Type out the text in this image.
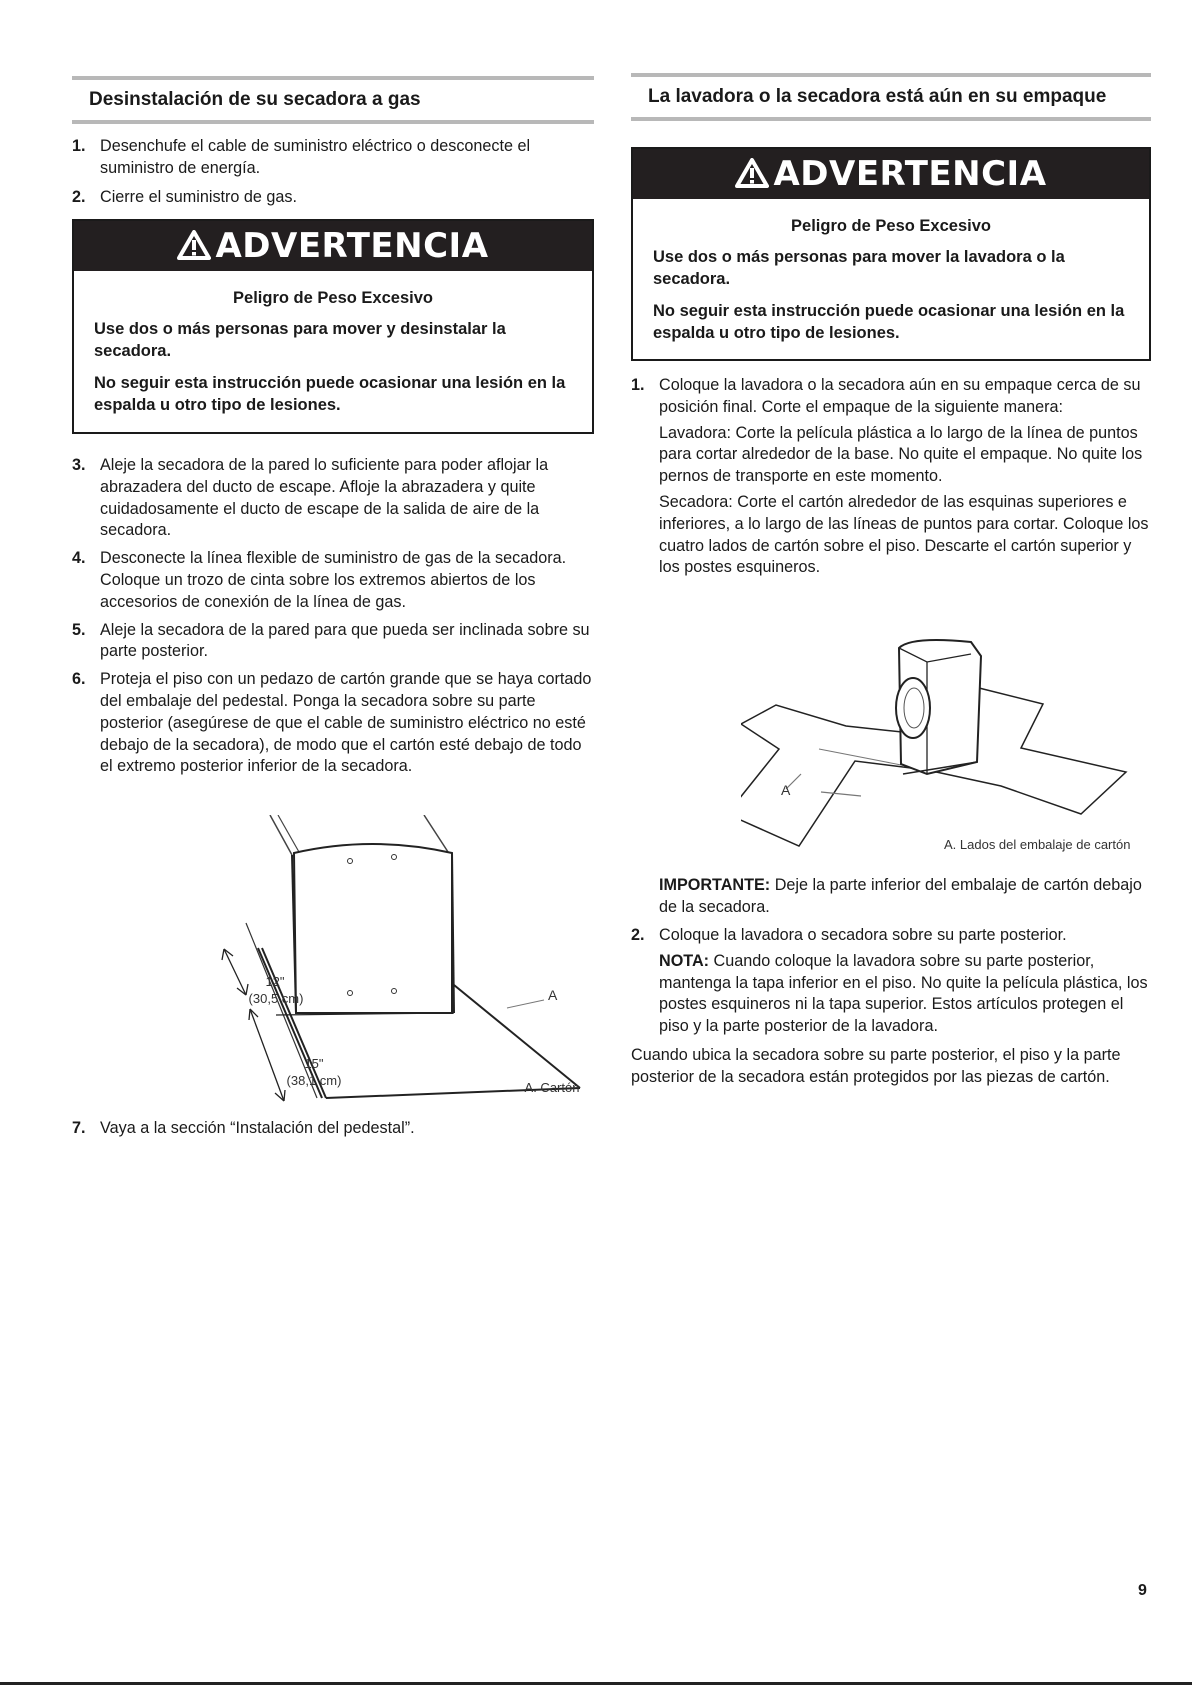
Desinstalación de su secadora a gas
1. Desenchufe el cable de suministro eléctrico o desconecte el suministro de energía.

2. Cierre el suministro de gas.

ADVERTENCIA
Peligro de Peso Excesivo

Use dos o más personas para mover y desinstalar la secadora.

No seguir esta instrucción puede ocasionar una lesión en la espalda u otro tipo de lesiones.

3. Aleje la secadora de la pared lo suficiente para poder aflojar la abrazadera del ducto de escape. Afloje la abrazadera y quite cuidadosamente el ducto de escape de la salida de aire de la secadora.

4. Desconecte la línea flexible de suministro de gas de la secadora. Coloque un trozo de cinta sobre los extremos abiertos de los accesorios de conexión de la línea de gas.

5. Aleje la secadora de la pared para que pueda ser inclinada sobre su parte posterior.

6. Proteja el piso con un pedazo de cartón grande que se haya cortado del embalaje del pedestal. Ponga la secadora sobre su parte posterior (asegúrese de que el cable de suministro eléctrico no esté debajo de la secadora), de modo que el cartón esté debajo de todo el extremo posterior inferior de la secadora.

12"
(30,5 cm)
15"
(38,1 cm)
A
A. Cartón
7. Vaya a la sección “Instalación del pedestal”.

La lavadora o la secadora está aún en su empaque
ADVERTENCIA
Peligro de Peso Excesivo

Use dos o más personas para mover la lavadora o la secadora.

No seguir esta instrucción puede ocasionar una lesión en la espalda u otro tipo de lesiones.

1. Coloque la lavadora o la secadora aún en su empaque cerca de su posición final. Corte el empaque de la siguiente manera:

Lavadora: Corte la película plástica a lo largo de la línea de puntos para cortar alrededor de la base. No quite el empaque. No quite los pernos de transporte en este momento.

Secadora: Corte el cartón alrededor de las esquinas superiores e inferiores, a lo largo de las líneas de puntos para cortar. Coloque los cuatro lados de cartón sobre el piso. Descarte el cartón superior y los postes esquineros.

A
A. Lados del embalaje de cartón
IMPORTANTE: Deje la parte inferior del embalaje de cartón debajo de la secadora.
2. Coloque la lavadora o secadora sobre su parte posterior.

NOTA: Cuando coloque la lavadora sobre su parte posterior, mantenga la tapa inferior en el piso. No quite la película plástica, los postes esquineros ni la tapa superior. Estos artículos protegen el piso y la parte posterior de la lavadora.

Cuando ubica la secadora sobre su parte posterior, el piso y la parte posterior de la secadora están protegidos por las piezas de cartón.
9
